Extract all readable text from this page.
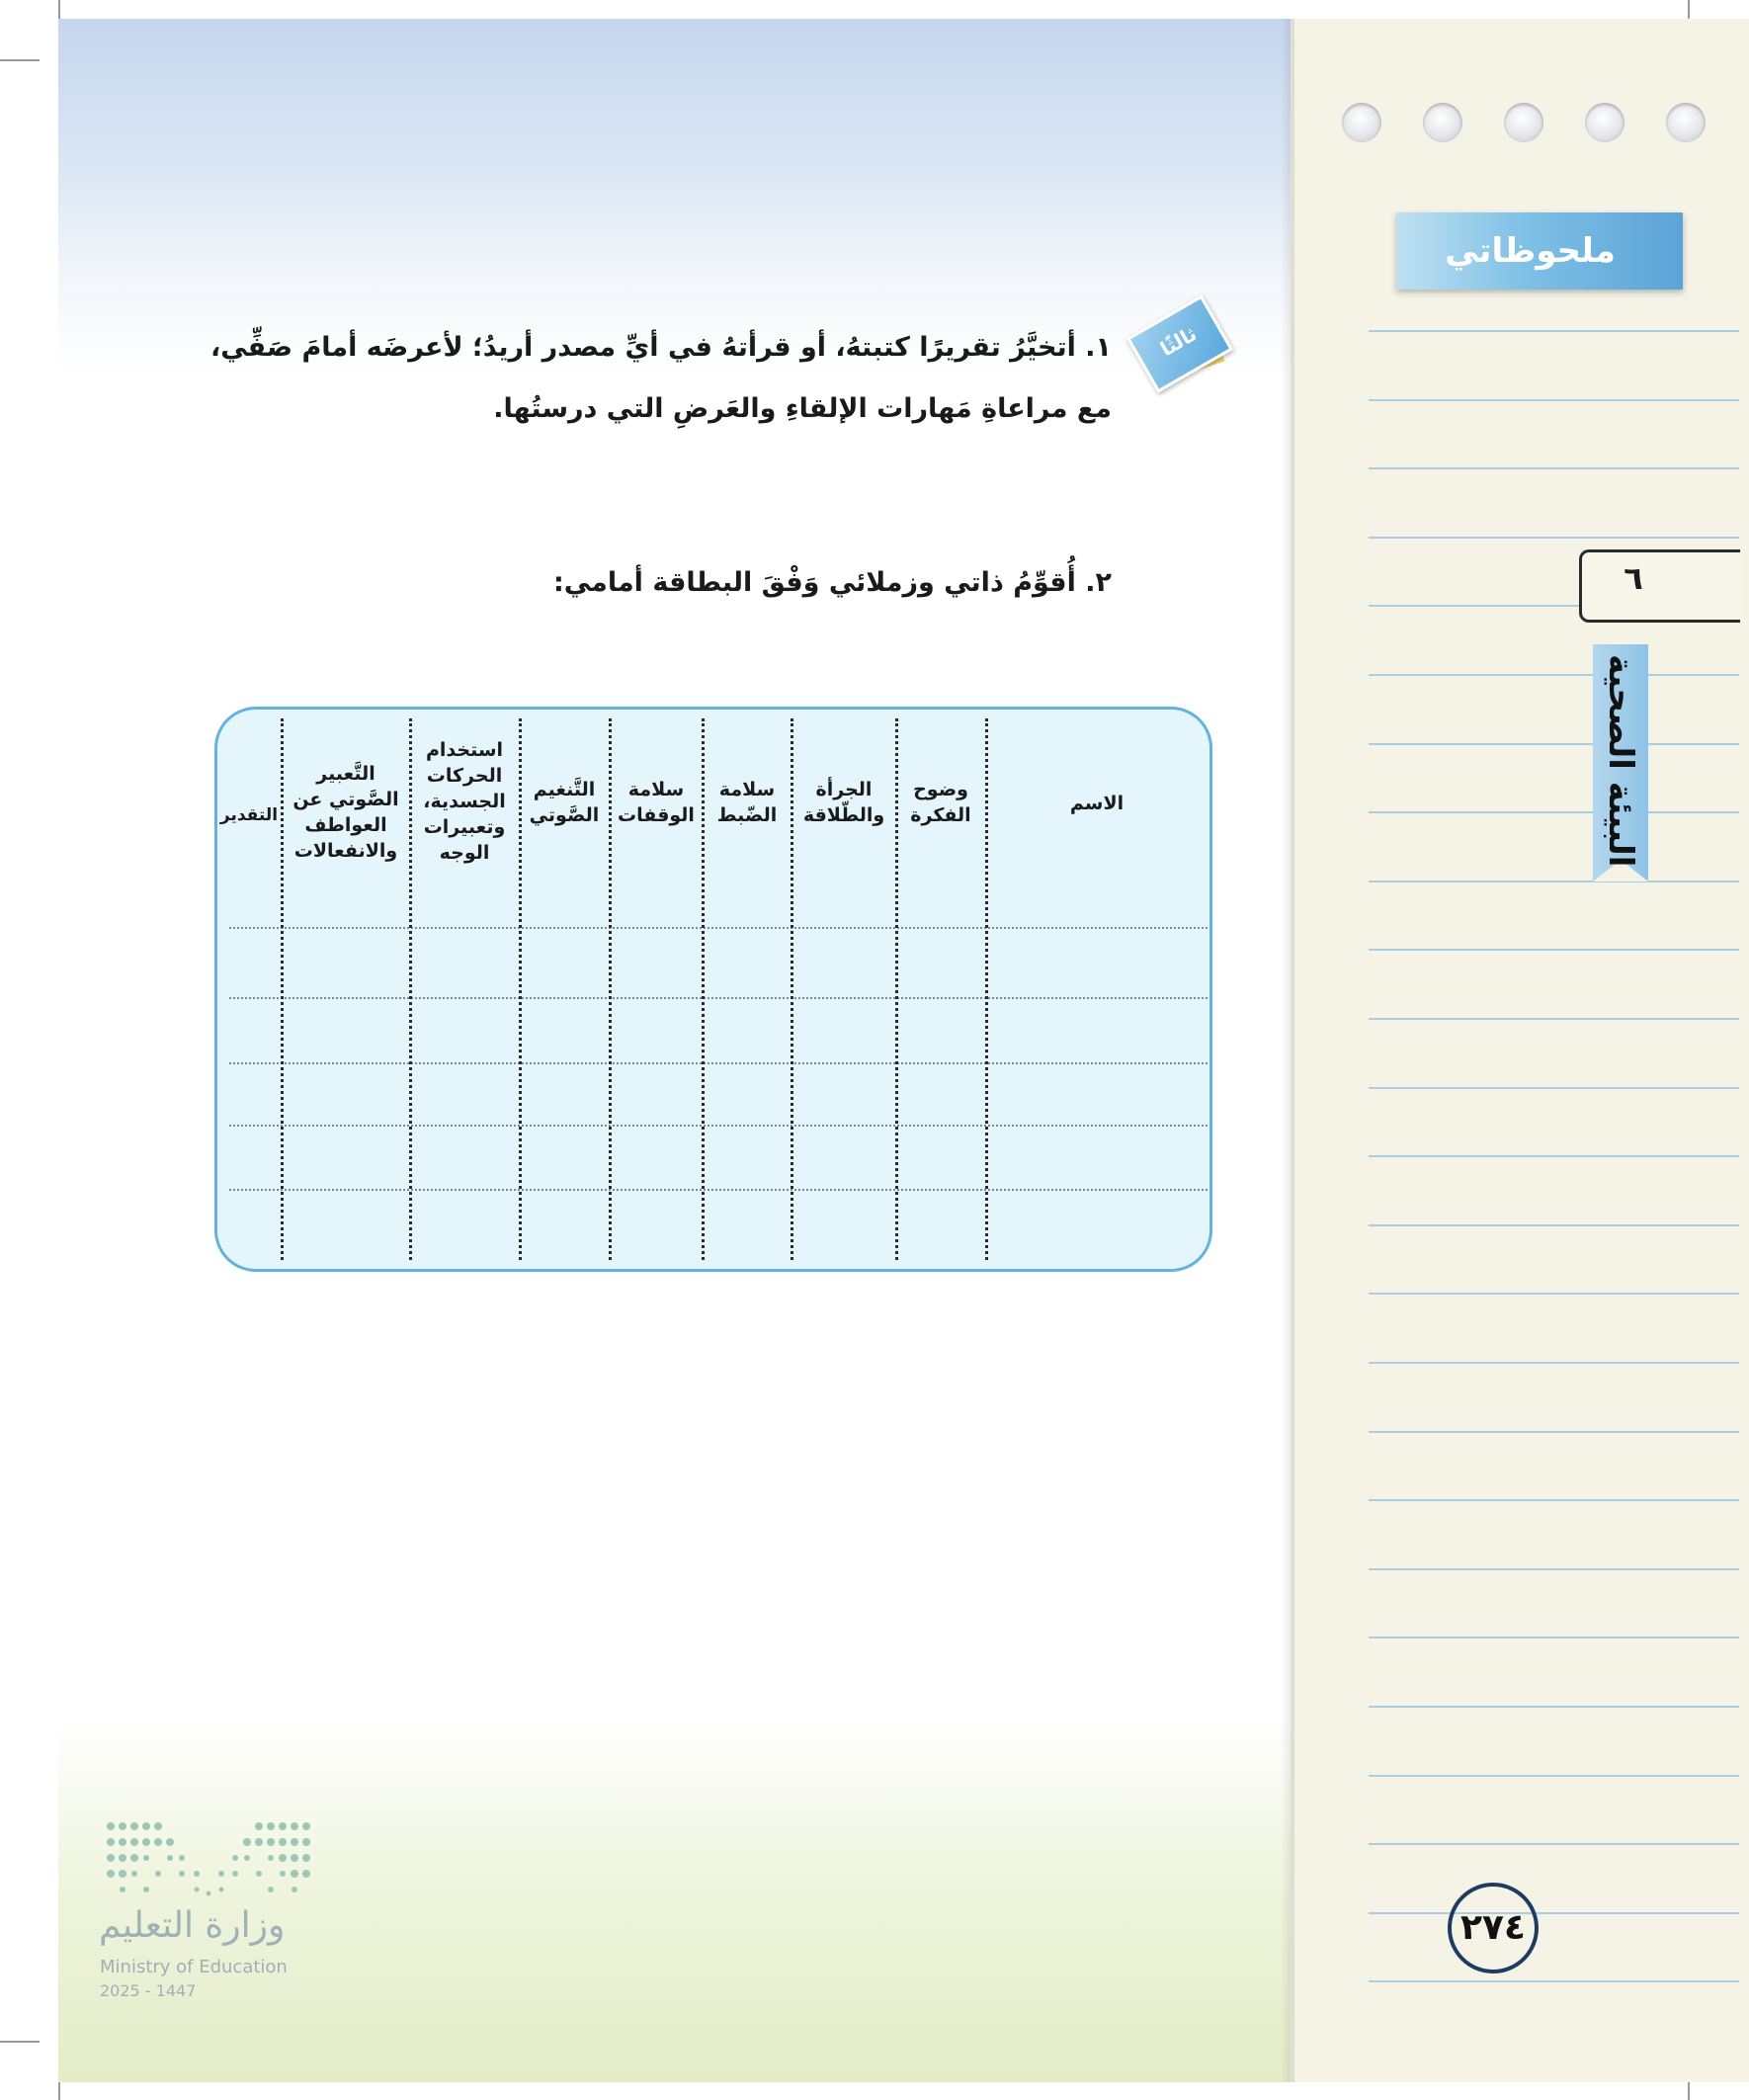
ملحوظاتي
٦
البيئة الصحية
٢٧٤
ثالثًا
١. أتخيَّرُ تقريرًا كتبتهُ، أو قرأتهُ في أيِّ مصدر أريدُ؛ لأعرضَه أمامَ صَفِّي،
مع مراعاةِ مَهارات الإلقاءِ والعَرضِ التي درستُها.
٢. أُقوِّمُ ذاتي وزملائي وَفْقَ البطاقة أمامي:
الاسم
وضوح الفكرة
الجرأة والطّلاقة
سلامة الضّبط
سلامة الوقفات
التَّنغيم الصَّوتي
استخدام الحركات الجسدية، وتعبيرات الوجه
التَّعبير الصَّوتي عن العواطف والانفعالات
التقدير
وزارة التعليم
Ministry of Education
2025 - 1447
